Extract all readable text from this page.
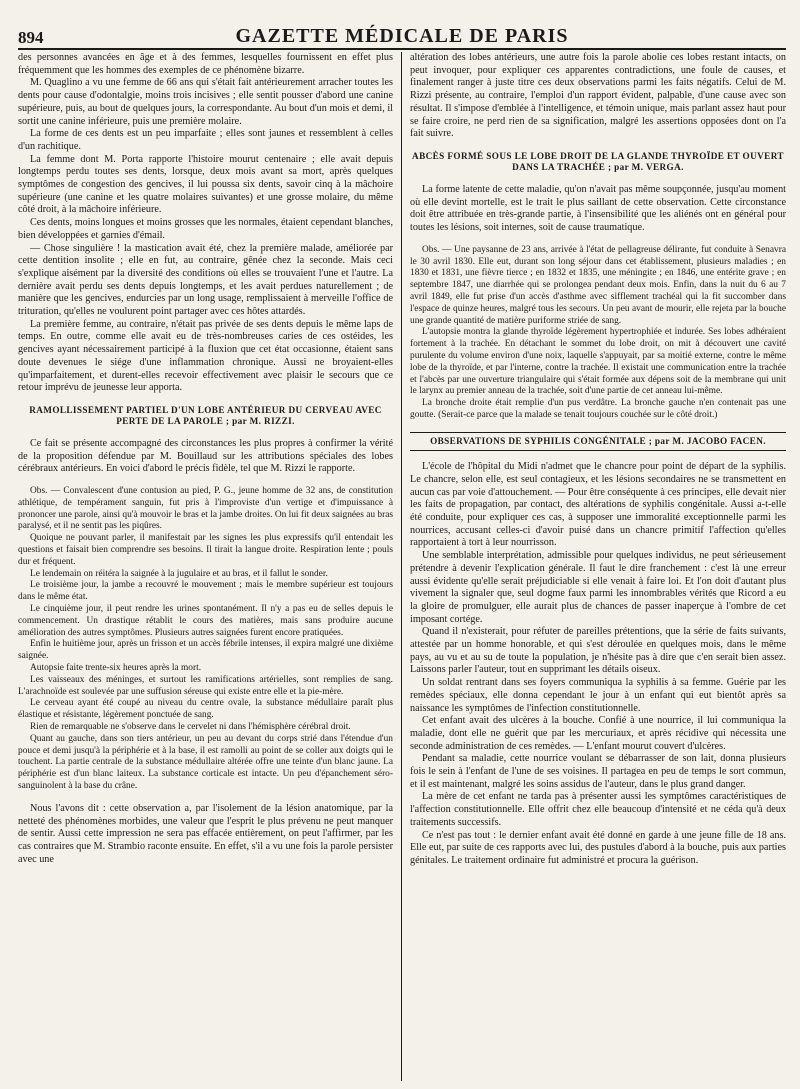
894	GAZETTE MÉDICALE DE PARIS

des personnes avancées en âge et à des femmes, lesquelles fournissent en effet plus fréquemment que les hommes des exemples de ce phénomène bizarre.

M. Quaglino a vu une femme de 66 ans qui s'était fait antérieurement arracher toutes les dents pour cause d'odontalgie, moins trois incisives ; elle sentit pousser d'abord une canine supérieure, puis, au bout de quelques jours, la correspondante. Au bout d'un mois et demi, il sortit une canine inférieure, puis une première molaire.

La forme de ces dents est un peu imparfaite ; elles sont jaunes et ressemblent à celles d'un rachitique.

La femme dont M. Porta rapporte l'histoire mourut centenaire ; elle avait depuis longtemps perdu toutes ses dents, lorsque, deux mois avant sa mort, après quelques symptômes de congestion des gencives, il lui poussa six dents, savoir cinq à la mâchoire supérieure (une canine et les quatre molaires suivantes) et une grosse molaire, du même côté droit, à la mâchoire inférieure.

Ces dents, moins longues et moins grosses que les normales, étaient cependant blanches, bien développées et garnies d'émail.

— Chose singulière ! la mastication avait été, chez la première malade, améliorée par cette dentition insolite ; elle en fut, au contraire, gênée chez la seconde. Mais ceci s'explique aisément par la diversité des conditions où elles se trouvaient l'une et l'autre. La dernière avait perdu ses dents depuis longtemps, et les avait perdues naturellement ; de manière que les gencives, endurcies par un long usage, remplissaient à merveille l'office de trituration, qu'elles ne voulurent point partager avec ces hôtes attardés.

La première femme, au contraire, n'était pas privée de ses dents depuis le même laps de temps. En outre, comme elle avait eu de très-nombreuses caries de ces ostéides, les gencives ayant nécessairement participé à la fluxion que cet état occasionne, étaient sans doute devenues le siége d'une inflammation chronique. Aussi ne broyaient-elles qu'imparfaitement, et durent-elles recevoir effectivement avec plaisir le secours que ce retour imprévu de jeunesse leur apporta.

RAMOLLISSEMENT PARTIEL D'UN LOBE ANTÉRIEUR DU CERVEAU AVEC PERTE DE LA PAROLE ; par M. RIZZI.

Ce fait se présente accompagné des circonstances les plus propres à confirmer la vérité de la proposition défendue par M. Bouillaud sur les attributions spéciales des lobes cérébraux antérieurs. En voici d'abord le précis fidèle, tel que M. Rizzi le rapporte.

Obs. — Convalescent d'une contusion au pied, P. G., jeune homme de 32 ans, de constitution athlétique, de tempérament sanguin, fut pris à l'improviste d'un vertige et d'impuissance à prononcer une parole, ainsi qu'à mouvoir le bras et la jambe droites. On lui fit deux saignées au bras paralysé, et il ne sentit pas les piqûres.

Quoique ne pouvant parler, il manifestait par les signes les plus expressifs qu'il entendait les questions et faisait bien comprendre ses besoins. Il tirait la langue droite. Respiration lente ; pouls dur et fréquent.

Le lendemain on réitéra la saignée à la jugulaire et au bras, et il fallut le sonder.

Le troisième jour, la jambe a recouvré le mouvement ; mais le membre supérieur est toujours dans le même état.

Le cinquième jour, il peut rendre les urines spontanément. Il n'y a pas eu de selles depuis le commencement. Un drastique rétablit le cours des matières, mais sans produire aucune amélioration des autres symptômes. Plusieurs autres saignées furent encore pratiquées.

Enfin le huitième jour, après un frisson et un accès fébrile intenses, il expira malgré une dixième saignée.

Autopsie faite trente-six heures après la mort.

Les vaisseaux des méninges, et surtout les ramifications artérielles, sont remplies de sang. L'arachnoïde est soulevée par une suffusion séreuse qui existe entre elle et la pie-mère.

Le cerveau ayant été coupé au niveau du centre ovale, la substance médullaire paraît plus élastique et résistante, légèrement ponctuée de sang.

Rien de remarquable ne s'observe dans le cervelet ni dans l'hémisphère cérébral droit.

Quant au gauche, dans son tiers antérieur, un peu au devant du corps strié dans l'étendue d'un pouce et demi jusqu'à la périphérie et à la base, il est ramolli au point de se coller aux doigts qui le touchent. La partie centrale de la substance médullaire altérée offre une teinte d'un blanc jaune. La périphérie est d'un blanc laiteux. La substance corticale est intacte. Un peu d'épanchement séro-sanguinolent à la base du crâne.

Nous l'avons dit : cette observation a, par l'isolement de la lésion anatomique, par la netteté des phénomènes morbides, une valeur que l'esprit le plus prévenu ne peut manquer de sentir. Aussi cette impression ne sera pas effacée entièrement, on peut l'affirmer, par les cas contraires que M. Strambio raconte ensuite. En effet, s'il a vu une fois la parole persister avec une

altération des lobes antérieurs, une autre fois la parole abolie ces lobes restant intacts, on peut invoquer, pour expliquer ces apparentes contradictions, une foule de causes, et finalement ranger à juste titre ces deux observations parmi les faits négatifs. Celui de M. Rizzi présente, au contraire, l'emploi d'un rapport évident, palpable, d'une cause avec son résultat. Il s'impose d'emblée à l'intelligence, et témoin unique, mais parlant assez haut pour se faire croire, ne perd rien de sa signification, malgré les assertions opposées dont on l'a fait suivre.

ABCÈS FORMÉ SOUS LE LOBE DROIT DE LA GLANDE THYROÏDE ET OUVERT DANS LA TRACHÉE ; par M. VERGA.

La forme latente de cette maladie, qu'on n'avait pas même soupçonnée, jusqu'au moment où elle devint mortelle, est le trait le plus saillant de cette observation. Cette circonstance doit être attribuée en très-grande partie, à l'insensibilité que les aliénés ont en général pour toutes les lésions, soit internes, soit de cause traumatique.

Obs. — Une paysanne de 23 ans, arrivée à l'état de pellagreuse délirante, fut conduite à Senavra le 30 avril 1830. Elle eut, durant son long séjour dans cet établissement, plusieurs maladies ; en 1830 et 1831, une fièvre tierce ; en 1832 et 1835, une méningite ; en 1846, une entérite grave ; en septembre 1847, une diarrhée qui se prolongea pendant deux mois. Enfin, dans la nuit du 6 au 7 avril 1849, elle fut prise d'un accès d'asthme avec sifflement trachéal qui la fit succomber dans l'espace de quinze heures, malgré tous les secours. Un peu avant de mourir, elle rejeta par la bouche une grande quantité de matière puriforme striée de sang.

L'autopsie montra la glande thyroïde légèrement hypertrophiée et indurée. Ses lobes adhéraient fortement à la trachée. En détachant le sommet du lobe droit, on mit à découvert une cavité purulente du volume environ d'une noix, laquelle s'appuyait, par sa moitié externe, contre le même lobe de la thyroïde, et par l'interne, contre la trachée. Il existait une communication entre la trachée et l'abcès par une ouverture triangulaire qui s'était formée aux dépens soit de la membrane qui unit le larynx au premier anneau de la trachée, soit d'une partie de cet anneau lui-même.

La bronche droite était remplie d'un pus verdâtre. La bronche gauche n'en contenait pas une goutte. (Serait-ce parce que la malade se tenait toujours couchée sur le côté droit.)

OBSERVATIONS DE SYPHILIS CONGÉNITALE ; par M. JACOBO FACEN.

L'école de l'hôpital du Midi n'admet que le chancre pour point de départ de la syphilis. Le chancre, selon elle, est seul contagieux, et les lésions secondaires ne se transmettent en aucun cas par voie d'attouchement. — Pour être conséquente à ces principes, elle devait nier les faits de propagation, par contact, des altérations de syphilis congénitale. Aussi a-t-elle été conduite, pour expliquer ces cas, à supposer une immoralité exceptionnelle parmi les nourrices, accusant celles-ci d'avoir puisé dans un chancre primitif l'affection qu'elles rapportaient à tort à leur nourrisson.

Une semblable interprétation, admissible pour quelques individus, ne peut sérieusement prétendre à devenir l'explication générale. Il faut le dire franchement : c'est là une erreur aussi évidente qu'elle serait préjudiciable si elle venait à faire loi. Et l'on doit d'autant plus vivement la signaler que, seul dogme faux parmi les innombrables vérités que Ricord a eu la gloire de promulguer, elle aurait plus de chances de passer inaperçue à l'ombre de cet imposant cortége.

Quand il n'existerait, pour réfuter de pareilles prétentions, que la série de faits suivants, attestée par un homme honorable, et qui s'est déroulée en quelques mois, dans le même pays, au vu et au su de toute la population, je n'hésite pas à dire que c'en serait bien assez. Laissons parler l'auteur, tout en supprimant les détails oiseux.

Un soldat rentrant dans ses foyers communiqua la syphilis à sa femme. Guérie par les remèdes spéciaux, elle donna cependant le jour à un enfant qui eut bientôt après sa naissance les symptômes de l'infection constitutionnelle.

Cet enfant avait des ulcères à la bouche. Confié à une nourrice, il lui communiqua la maladie, dont elle ne guérit que par les mercuriaux, et après récidive qui nécessita une seconde administration de ces remèdes. — L'enfant mourut couvert d'ulcères.

Pendant sa maladie, cette nourrice voulant se débarrasser de son lait, donna plusieurs fois le sein à l'enfant de l'une de ses voisines. Il partagea en peu de temps le sort commun, et il est maintenant, malgré les soins assidus de l'auteur, dans le plus grand danger.

La mère de cet enfant ne tarda pas à présenter aussi les symptômes caractéristiques de l'affection constitutionnelle. Elle offrit chez elle beaucoup d'intensité et ne céda qu'à deux traitements successifs.

Ce n'est pas tout : le dernier enfant avait été donné en garde à une jeune fille de 18 ans. Elle eut, par suite de ces rapports avec lui, des pustules d'abord à la bouche, puis aux parties génitales. Le traitement ordinaire fut administré et procura la guérison.
